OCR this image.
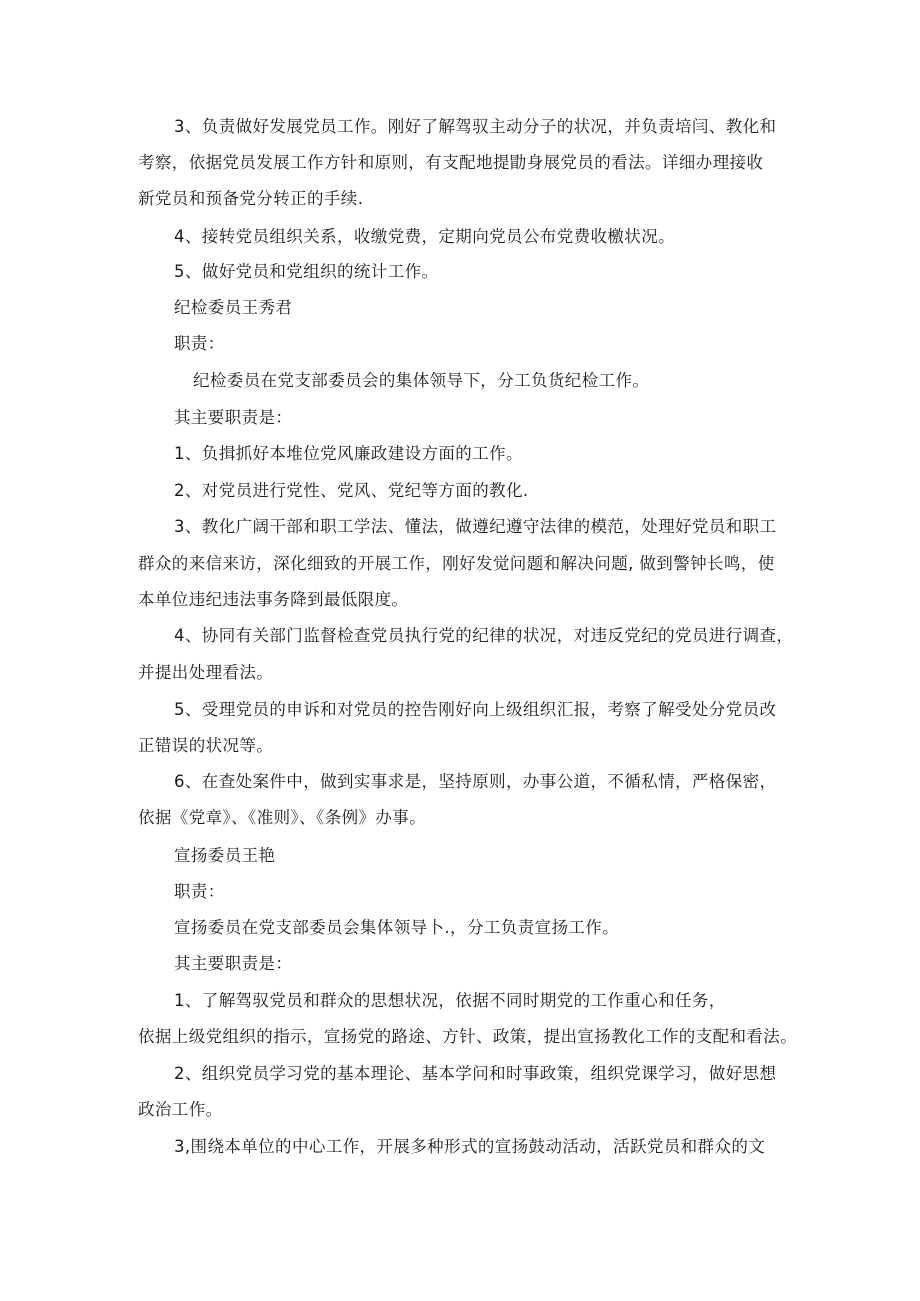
3、负责做好发展党员工作。刚好了解驾驭主动分子的状况，并负责培闫、教化和
考察，依据党员发展工作方针和原则，有支配地提勖身展党员的看法。详细办理接收
新党员和预备党分转正的手续.
4、接转党员组织关系，收缴党费，定期向党员公布党费收檄状况。
5、做好党员和党组织的统计工作。
纪检委员王秀君
职责：
纪检委员在党支部委员会的集体领导下，分工负货纪检工作。
其主要职责是：
1、负揖抓好本堆位党风廉政建设方面的工作。
2、对党员进行党性、党风、党纪等方面的教化.
3、教化广阔干部和职工学法、懂法，做遵纪遵守法律的模范，处理好党员和职工
群众的来信来访，深化细致的开展工作，刚好发觉问题和解决问题, 做到警钟长鸣，使
本单位违纪违法事务降到最低限度。
4、协同有关部门监督检查党员执行党的纪律的状况，对违反党纪的党员进行调查，
并提出处理看法。
5、受理党员的申诉和对党员的控告刚好向上级组织汇报，考察了解受处分党员改
正错误的状况等。
6、在查处案件中，做到实事求是，坚持原则，办事公道，不循私情，严格保密，
依据《党章》、《准则》、《条例》办事。
宣扬委员王艳
职责：
宣扬委员在党支部委员会集体领导卜.，分工负责宣扬工作。
其主要职责是：
1、了解驾驭党员和群众的思想状况，依据不同时期党的工作重心和任务，
依据上级党组织的指示，宣扬党的路途、方针、政策，提出宣扬教化工作的支配和看法。
2、组织党员学习党的基本理论、基本学问和时事政策，组织党课学习，做好思想
政治工作。
3,围绕本单位的中心工作，开展多种形式的宣扬鼓动活动，活跃党员和群众的文
